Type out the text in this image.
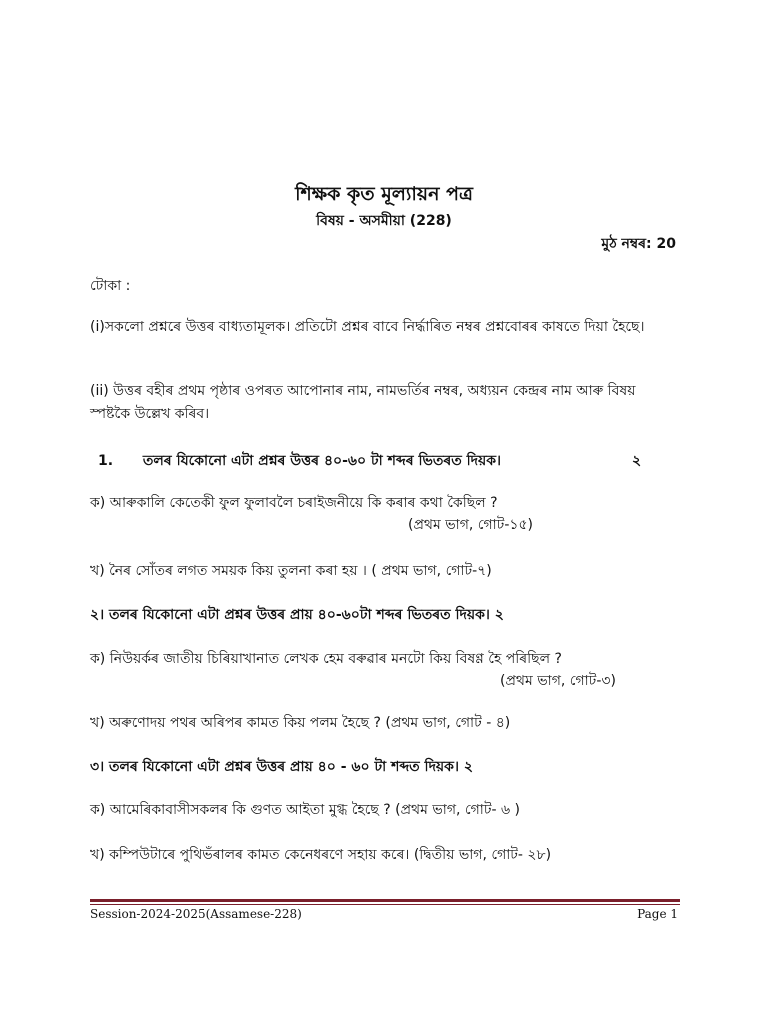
শিক্ষক কৃত মূল্যায়ন পত্ৰ
বিষয় - অসমীয়া (228)
মুঠ নম্বৰ: 20
টোকা :
(i)সকলো প্ৰশ্নৰে উত্তৰ বাধ্যতামূলক। প্ৰতিটো প্ৰশ্নৰ বাবে নিৰ্দ্ধাৰিত নম্বৰ প্ৰশ্নবোৰৰ কাষতে দিয়া হৈছে।
(ii) উত্তৰ বহীৰ প্ৰথম পৃষ্ঠাৰ ওপৰত আপোনাৰ নাম, নামভৰ্তিৰ নম্বৰ, অধ্যয়ন কেন্দ্ৰৰ নাম আৰু বিষয় স্পষ্টকৈ উল্লেখ কৰিব।
1. তলৰ যিকোনো এটা প্ৰশ্নৰ উত্তৰ ৪০-৬০ টা শব্দৰ ভিতৰত দিয়ক।	২
ক) আৰুকালি কেতেকী ফুল ফুলাবলৈ চৰাইজনীয়ে কি কৰাৰ কথা কৈছিল ?
(প্ৰথম ভাগ, গোট-১৫)
খ) নৈৰ সোঁতৰ লগত সময়ক কিয় তুলনা কৰা হয় । ( প্ৰথম ভাগ, গোট-৭)
২। তলৰ যিকোনো এটা প্ৰশ্নৰ উত্তৰ প্ৰায় ৪০-৬০টা শব্দৰ ভিতৰত দিয়ক। ২
ক) নিউয়ৰ্কৰ জাতীয় চিৰিয়াখানাত লেখক হেম বৰুৱাৰ মনটো কিয় বিষণ্ণ হৈ পৰিছিল ?
(প্ৰথম ভাগ, গোট-৩)
খ) অৰুণোদয় পথৰ অৰিপৰ কামত কিয় পলম হৈছে ? (প্ৰথম ভাগ, গোট - ৪)
৩। তলৰ যিকোনো এটা প্ৰশ্নৰ উত্তৰ প্ৰায় ৪০ - ৬০ টা শব্দত দিয়ক। ২
ক) আমেৰিকাবাসীসকলৰ কি গুণত আইতা মুগ্ধ হৈছে ? (প্ৰথম ভাগ, গোট- ৬ )
খ) কম্পিউটাৰে পুথিভঁৰালৰ কামত কেনেধৰণে সহায় কৰে। (দ্বিতীয় ভাগ, গোট- ২৮)
Session-2024-2025(Assamese-228)	Page 1
